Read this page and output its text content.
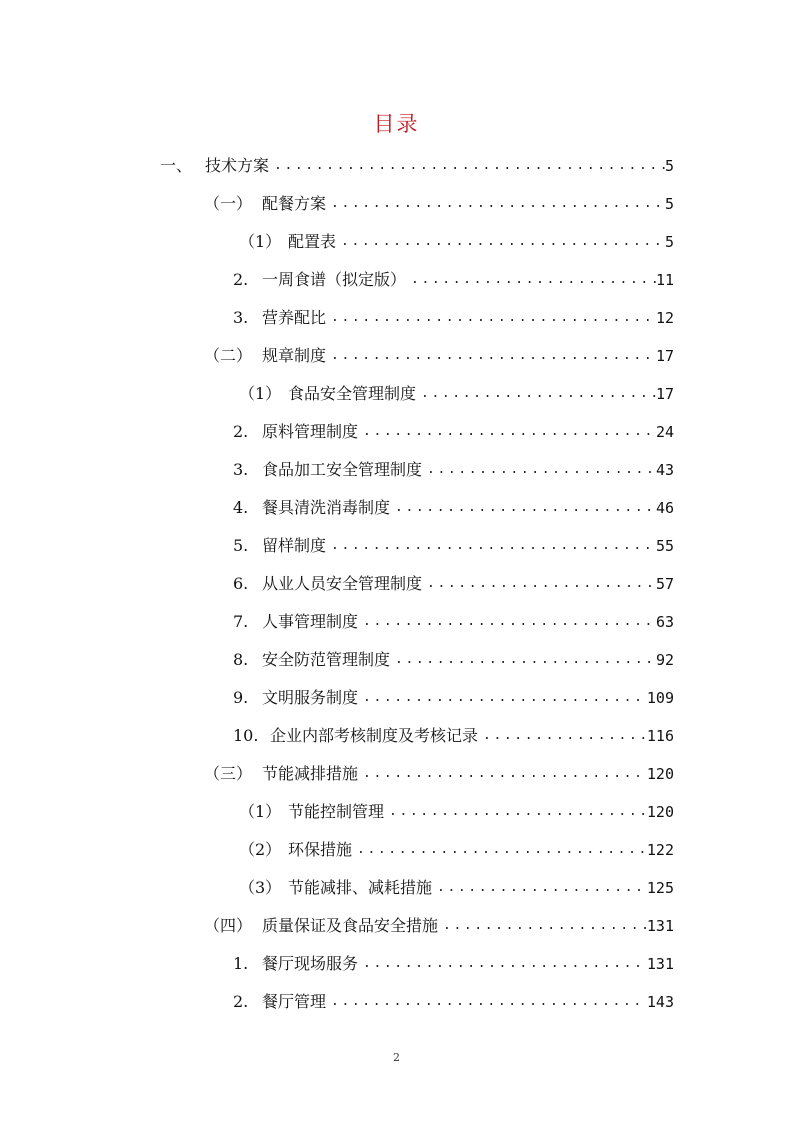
目录
一、 技术方案 .....	5
（一） 配餐方案 .....	5
（1） 配置表 .....	5
2. 一周食谱（拟定版） .....	11
3. 营养配比 .....	12
（二） 规章制度 .....	17
（1） 食品安全管理制度 .....	17
2. 原料管理制度 .....	24
3. 食品加工安全管理制度 .....	43
4. 餐具清洗消毒制度 .....	46
5. 留样制度 .....	55
6. 从业人员安全管理制度 .....	57
7. 人事管理制度 .....	63
8. 安全防范管理制度 .....	92
9. 文明服务制度 .....	109
10. 企业内部考核制度及考核记录 .....	116
（三） 节能减排措施 .....	120
（1） 节能控制管理 .....	120
（2） 环保措施 .....	122
（3） 节能减排、减耗措施 .....	125
（四） 质量保证及食品安全措施 .....	131
1. 餐厅现场服务 .....	131
2. 餐厅管理 .....	143
2
